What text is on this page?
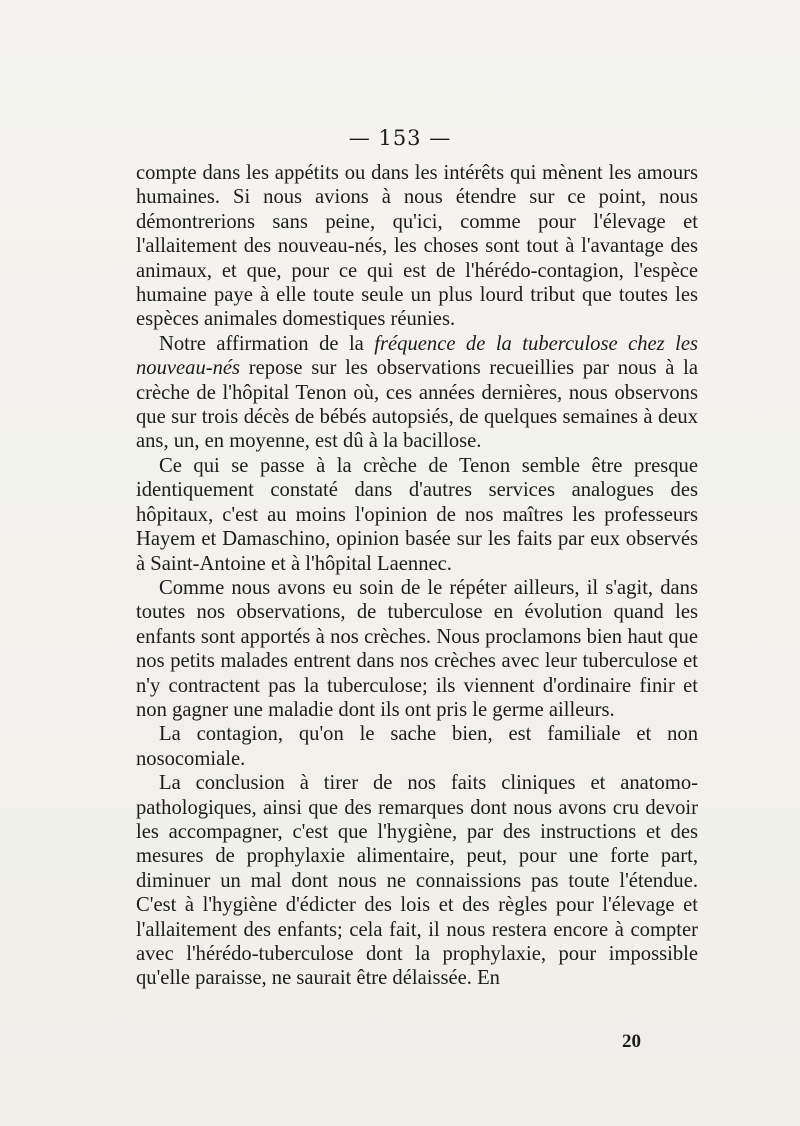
— 153 —

compte dans les appétits ou dans les intérêts qui mènent les amours humaines. Si nous avions à nous étendre sur ce point, nous démontrerions sans peine, qu'ici, comme pour l'élevage et l'allaitement des nouveau-nés, les choses sont tout à l'avantage des animaux, et que, pour ce qui est de l'hérédo-contagion, l'espèce humaine paye à elle toute seule un plus lourd tribut que toutes les espèces animales domestiques réunies.

Notre affirmation de la fréquence de la tuberculose chez les nouveau-nés repose sur les observations recueillies par nous à la crèche de l'hôpital Tenon où, ces années dernières, nous observons que sur trois décès de bébés autopsiés, de quelques semaines à deux ans, un, en moyenne, est dû à la bacillose.

Ce qui se passe à la crèche de Tenon semble être presque identiquement constaté dans d'autres services analogues des hôpitaux, c'est au moins l'opinion de nos maîtres les professeurs Hayem et Damaschino, opinion basée sur les faits par eux observés à Saint-Antoine et à l'hôpital Laennec.

Comme nous avons eu soin de le répéter ailleurs, il s'agit, dans toutes nos observations, de tuberculose en évolution quand les enfants sont apportés à nos crèches. Nous proclamons bien haut que nos petits malades entrent dans nos crèches avec leur tuberculose et n'y contractent pas la tuberculose; ils viennent d'ordinaire finir et non gagner une maladie dont ils ont pris le germe ailleurs.

La contagion, qu'on le sache bien, est familiale et non nosocomiale.

La conclusion à tirer de nos faits cliniques et anatomo-pathologiques, ainsi que des remarques dont nous avons cru devoir les accompagner, c'est que l'hygiène, par des instructions et des mesures de prophylaxie alimentaire, peut, pour une forte part, diminuer un mal dont nous ne connaissions pas toute l'étendue. C'est à l'hygiène d'édicter des lois et des règles pour l'élevage et l'allaitement des enfants; cela fait, il nous restera encore à compter avec l'hérédo-tuberculose dont la prophylaxie, pour impossible qu'elle paraisse, ne saurait être délaissée. En

20
